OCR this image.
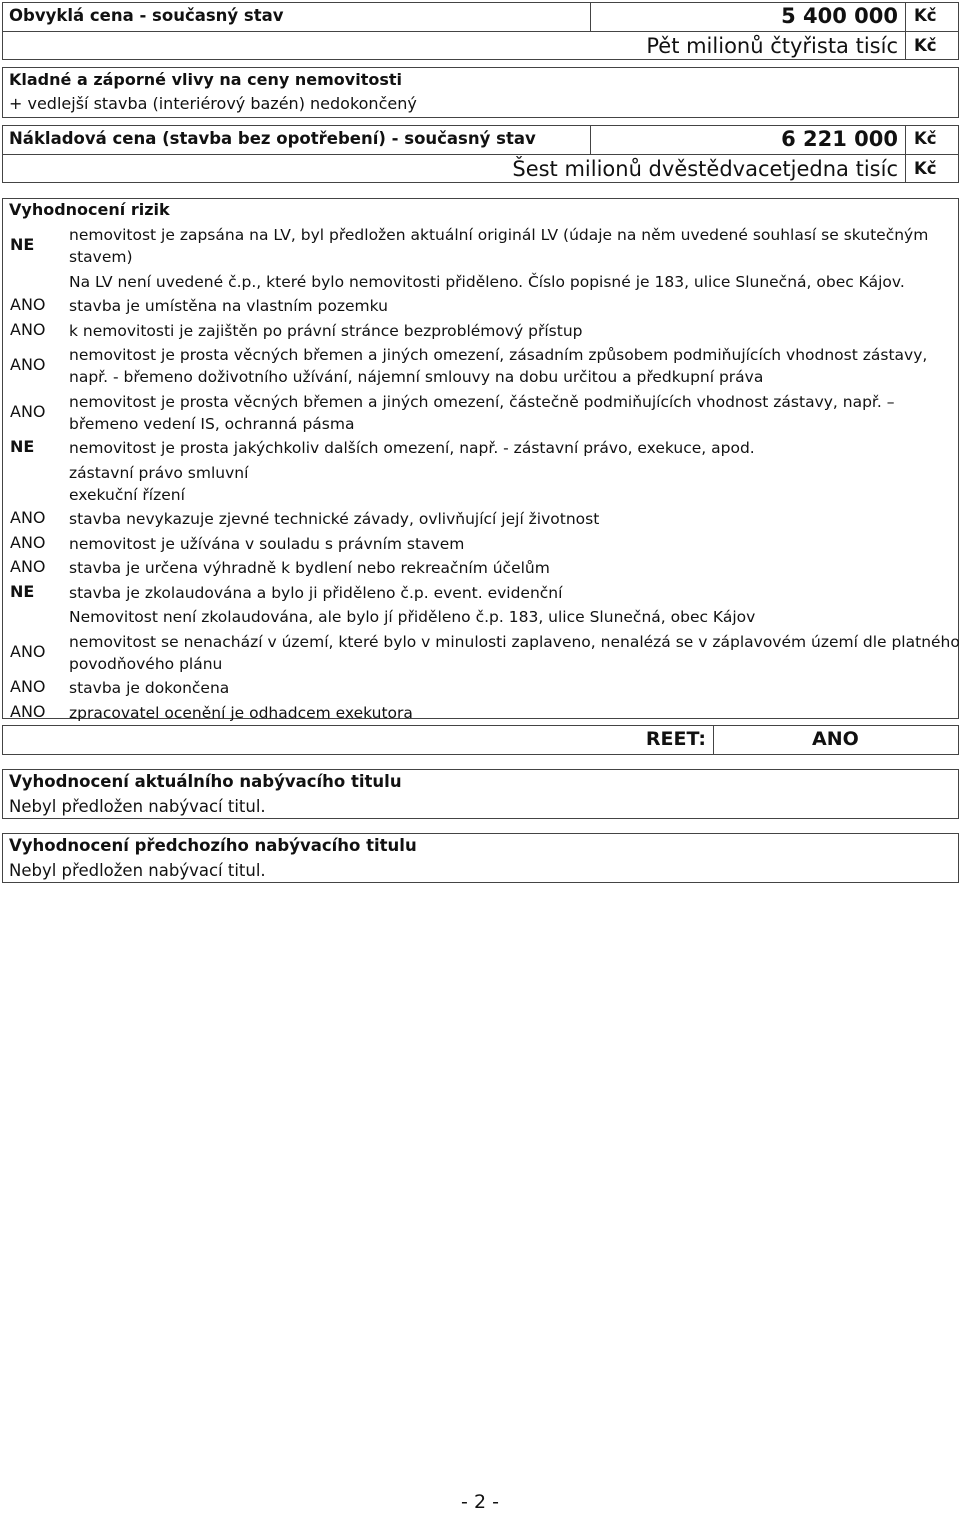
Obvyklá cena - současný stav	5 400 000 Kč
Pět milionů čtyřista tisíc Kč
Kladné a záporné vlivy na ceny nemovitosti
+ vedlejší stavba (interiérový bazén) nedokončený
Nákladová cena (stavba bez opotřebení) - současný stav	6 221 000 Kč
Šest milionů dvěstědvacetjedna tisíc Kč
Vyhodnocení rizik
NE nemovitost je zapsána na LV, byl předložen aktuální originál LV (údaje na něm uvedené souhlasí se skutečným
stavem)
Na LV není uvedené č.p., které bylo nemovitosti přiděleno. Číslo popisné je 183, ulice Slunečná, obec Kájov.
ANO stavba je umístěna na vlastním pozemku
ANO k nemovitosti je zajištěn po právní stránce bezproblémový přístup
ANO nemovitost je prosta věcných břemen a jiných omezení, zásadním způsobem podmiňujících vhodnost zástavy,
např. - břemeno doživotního užívání, nájemní smlouvy na dobu určitou a předkupní práva
ANO nemovitost je prosta věcných břemen a jiných omezení, částečně podmiňujících vhodnost zástavy, např. –
břemeno vedení IS, ochranná pásma
NE nemovitost je prosta jakýchkoliv dalších omezení, např. - zástavní právo, exekuce, apod.
zástavní právo smluvní
exekuční řízení
ANO stavba nevykazuje zjevné technické závady, ovlivňující její životnost
ANO nemovitost je užívána v souladu s právním stavem
ANO stavba je určena výhradně k bydlení nebo rekreačním účelům
NE stavba je zkolaudována a bylo ji přiděleno č.p. event. evidenční
Nemovitost není zkolaudována, ale bylo jí přiděleno č.p. 183, ulice Slunečná, obec Kájov
ANO nemovitost se nenachází v území, které bylo v minulosti zaplaveno, nenalézá se v záplavovém území dle platného
povodňového plánu
ANO stavba je dokončena
ANO zpracovatel ocenění je odhadcem exekutora
REET:	ANO
Vyhodnocení aktuálního nabývacího titulu
Nebyl předložen nabývací titul.
Vyhodnocení předchozího nabývacího titulu
Nebyl předložen nabývací titul.
- 2 -
